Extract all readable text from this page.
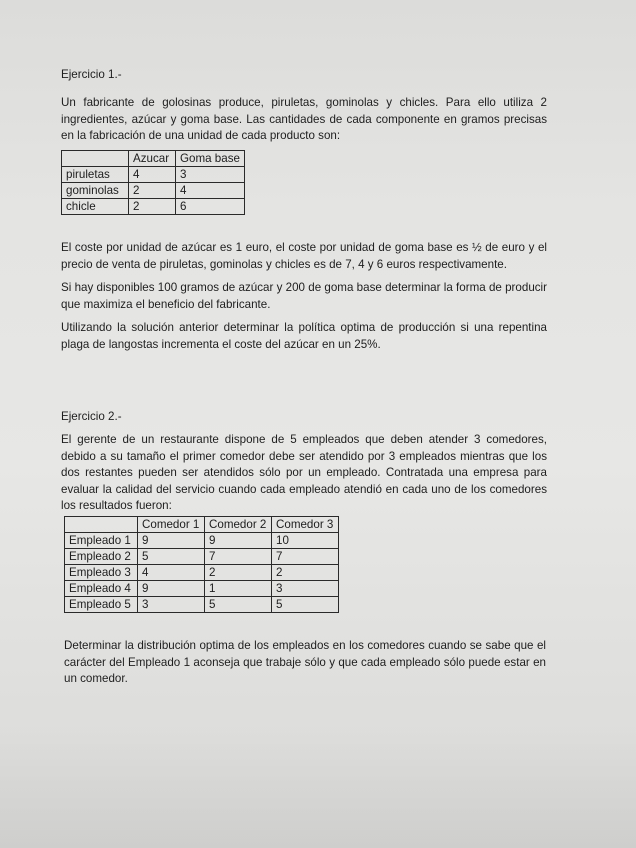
Ejercicio 1.-
Un fabricante de golosinas produce, piruletas, gominolas y chicles. Para ello utiliza 2 ingredientes, azúcar y goma base. Las cantidades de cada componente en gramos precisas en la fabricación de una unidad de cada producto son:
	Azucar	Goma base
piruletas	4	3
gominolas	2	4
chicle	2	6
El coste por unidad de azúcar es 1 euro, el coste por unidad de goma base es ½ de euro y el precio de venta de piruletas, gominolas y chicles es de 7, 4 y 6 euros respectivamente.
Si hay disponibles 100 gramos de azúcar y 200 de goma base determinar la forma de producir que maximiza el beneficio del fabricante.
Utilizando la solución anterior determinar la política optima de producción si una repentina plaga de langostas incrementa el coste del azúcar en un 25%.
Ejercicio 2.-
El gerente de un restaurante dispone de 5 empleados que deben atender 3 comedores, debido a su tamaño el primer comedor debe ser atendido por 3 empleados mientras que los dos restantes pueden ser atendidos sólo por un empleado. Contratada una empresa para evaluar la calidad del servicio cuando cada empleado atendió en cada uno de los comedores los resultados fueron:
	Comedor 1	Comedor 2	Comedor 3
Empleado 1	9	9	10
Empleado 2	5	7	7
Empleado 3	4	2	2
Empleado 4	9	1	3
Empleado 5	3	5	5
Determinar la distribución optima de los empleados en los comedores cuando se sabe que el carácter del Empleado 1 aconseja que trabaje sólo y que cada empleado sólo puede estar en un comedor.
